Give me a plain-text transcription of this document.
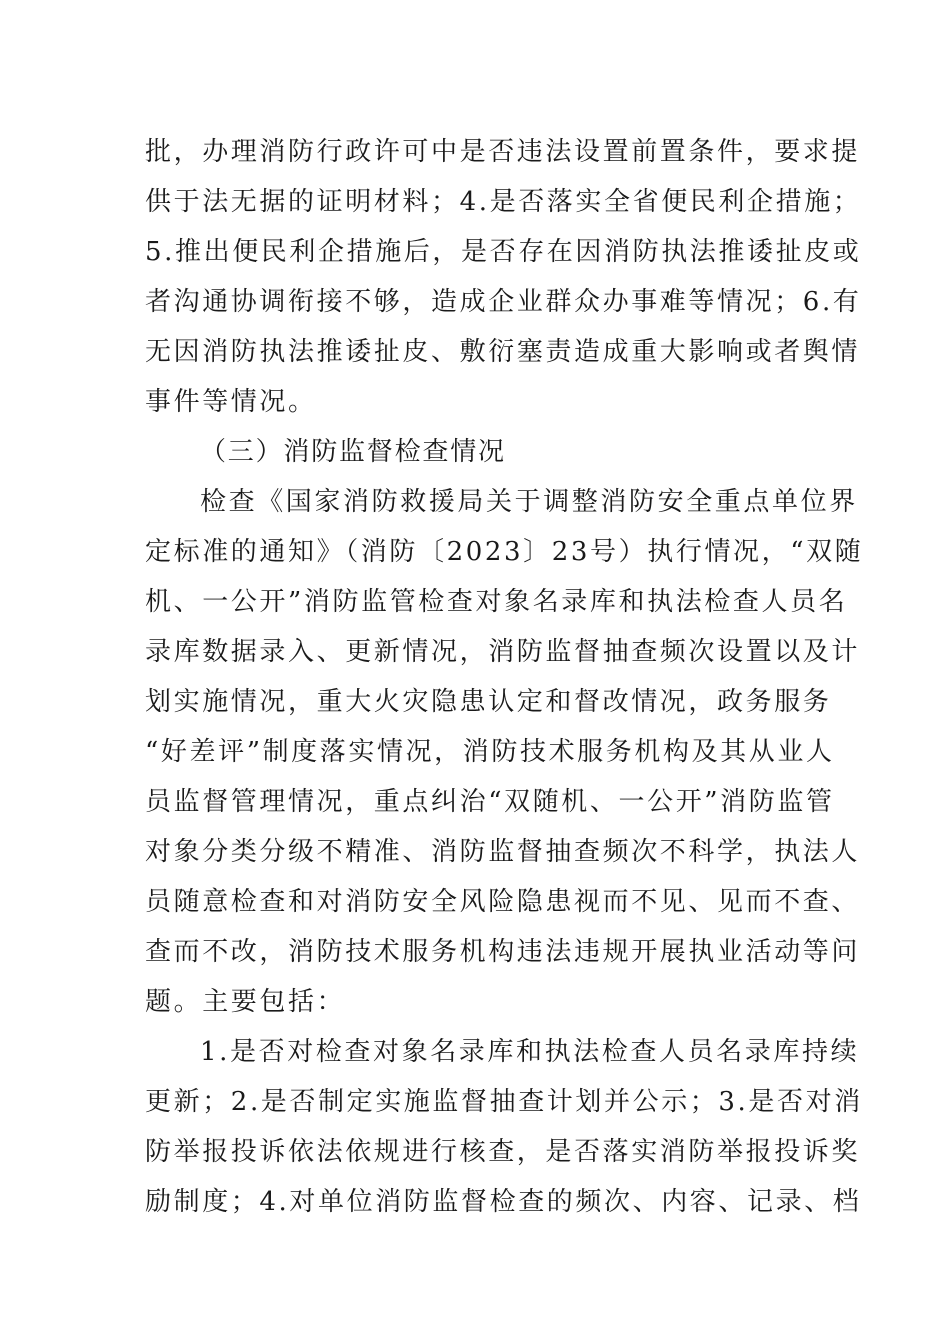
批，办理消防行政许可中是否违法设置前置条件，要求提
供于法无据的证明材料；4.是否落实全省便民利企措施；
5.推出便民利企措施后，是否存在因消防执法推诿扯皮或
者沟通协调衔接不够，造成企业群众办事难等情况；6.有
无因消防执法推诿扯皮、敷衍塞责造成重大影响或者舆情
事件等情况。
（三）消防监督检查情况
检查《国家消防救援局关于调整消防安全重点单位界
定标准的通知》（消防〔2023〕23号）执行情况，“双随
机、一公开”消防监管检查对象名录库和执法检查人员名
录库数据录入、更新情况，消防监督抽查频次设置以及计
划实施情况，重大火灾隐患认定和督改情况，政务服务
“好差评”制度落实情况，消防技术服务机构及其从业人
员监督管理情况，重点纠治“双随机、一公开”消防监管
对象分类分级不精准、消防监督抽查频次不科学，执法人
员随意检查和对消防安全风险隐患视而不见、见而不查、
查而不改，消防技术服务机构违法违规开展执业活动等问
题。主要包括：
1.是否对检查对象名录库和执法检查人员名录库持续
更新；2.是否制定实施监督抽查计划并公示；3.是否对消
防举报投诉依法依规进行核查，是否落实消防举报投诉奖
励制度；4.对单位消防监督检查的频次、内容、记录、档
